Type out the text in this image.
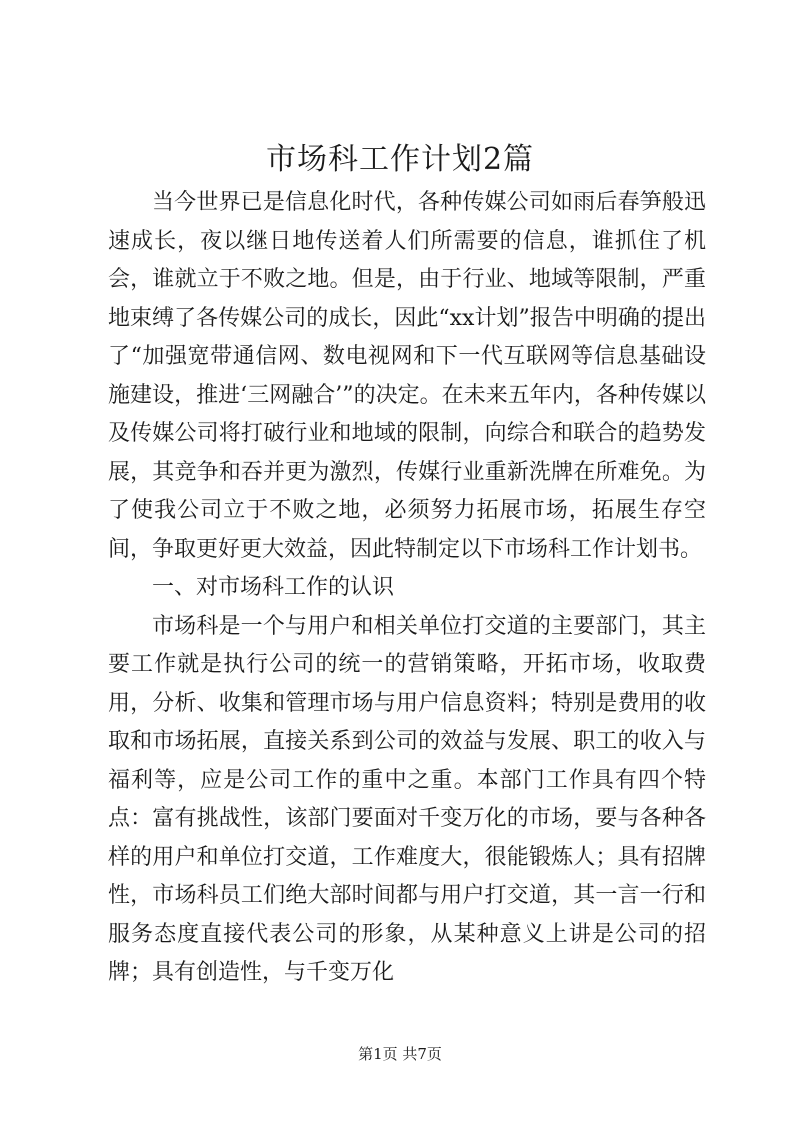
市场科工作计划2篇

当今世界已是信息化时代，各种传媒公司如雨后春笋般迅速成长，夜以继日地传送着人们所需要的信息，谁抓住了机会，谁就立于不败之地。但是，由于行业、地域等限制，严重地束缚了各传媒公司的成长，因此“xx计划”报告中明确的提出了“加强宽带通信网、数电视网和下一代互联网等信息基础设施建设，推进‘三网融合’”的决定。在未来五年内，各种传媒以及传媒公司将打破行业和地域的限制，向综合和联合的趋势发展，其竞争和吞并更为激烈，传媒行业重新洗牌在所难免。为了使我公司立于不败之地，必须努力拓展市场，拓展生存空间，争取更好更大效益，因此特制定以下市场科工作计划书。

一、对市场科工作的认识

市场科是一个与用户和相关单位打交道的主要部门，其主要工作就是执行公司的统一的营销策略，开拓市场，收取费用，分析、收集和管理市场与用户信息资料；特别是费用的收取和市场拓展，直接关系到公司的效益与发展、职工的收入与福利等，应是公司工作的重中之重。本部门工作具有四个特点：富有挑战性，该部门要面对千变万化的市场，要与各种各样的用户和单位打交道，工作难度大，很能锻炼人；具有招牌性，市场科员工们绝大部时间都与用户打交道，其一言一行和服务态度直接代表公司的形象，从某种意义上讲是公司的招牌；具有创造性，与千变万化

第1页 共7页
